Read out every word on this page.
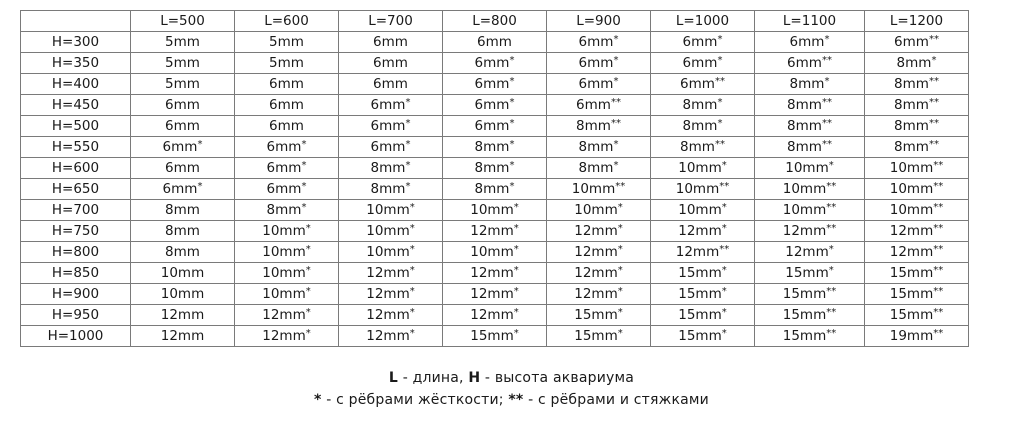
	L=500	L=600	L=700	L=800	L=900	L=1000	L=1100	L=1200
H=300	5mm	5mm	6mm	6mm	6mm*	6mm*	6mm*	6mm**
H=350	5mm	5mm	6mm	6mm*	6mm*	6mm*	6mm**	8mm*
H=400	5mm	6mm	6mm	6mm*	6mm*	6mm**	8mm*	8mm**
H=450	6mm	6mm	6mm*	6mm*	6mm**	8mm*	8mm**	8mm**
H=500	6mm	6mm	6mm*	6mm*	8mm**	8mm*	8mm**	8mm**
H=550	6mm*	6mm*	6mm*	8mm*	8mm*	8mm**	8mm**	8mm**
H=600	6mm	6mm*	8mm*	8mm*	8mm*	10mm*	10mm*	10mm**
H=650	6mm*	6mm*	8mm*	8mm*	10mm**	10mm**	10mm**	10mm**
H=700	8mm	8mm*	10mm*	10mm*	10mm*	10mm*	10mm**	10mm**
H=750	8mm	10mm*	10mm*	12mm*	12mm*	12mm*	12mm**	12mm**
H=800	8mm	10mm*	10mm*	10mm*	12mm*	12mm**	12mm*	12mm**
H=850	10mm	10mm*	12mm*	12mm*	12mm*	15mm*	15mm*	15mm**
H=900	10mm	10mm*	12mm*	12mm*	12mm*	15mm*	15mm**	15mm**
H=950	12mm	12mm*	12mm*	12mm*	15mm*	15mm*	15mm**	15mm**
H=1000	12mm	12mm*	12mm*	15mm*	15mm*	15mm*	15mm**	19mm**
L - длина, H - высота аквариума
* - с рёбрами жёсткости; ** - с рёбрами и стяжками
